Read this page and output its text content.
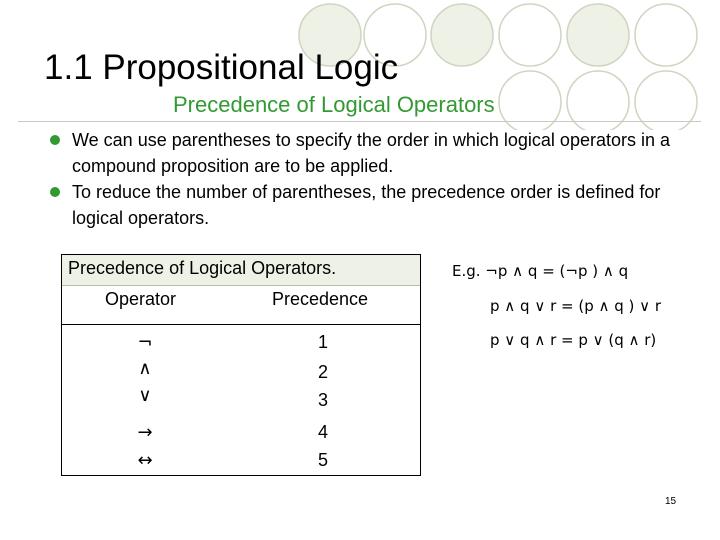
1.1 Propositional Logic
Precedence of Logical Operators
We can use parentheses to specify the order in which logical operators in a compound proposition are to be applied.
To reduce the number of parentheses, the precedence order is defined for logical operators.
Precedence of Logical Operators.
Operator	Precedence
¬	1
∧	2
∨	3
→	4
↔	5
E.g. ¬p ∧ q = (¬p ) ∧ q
p ∧ q ∨ r = (p ∧ q ) ∨ r
p ∨ q ∧ r = p ∨ (q ∧ r)
15
